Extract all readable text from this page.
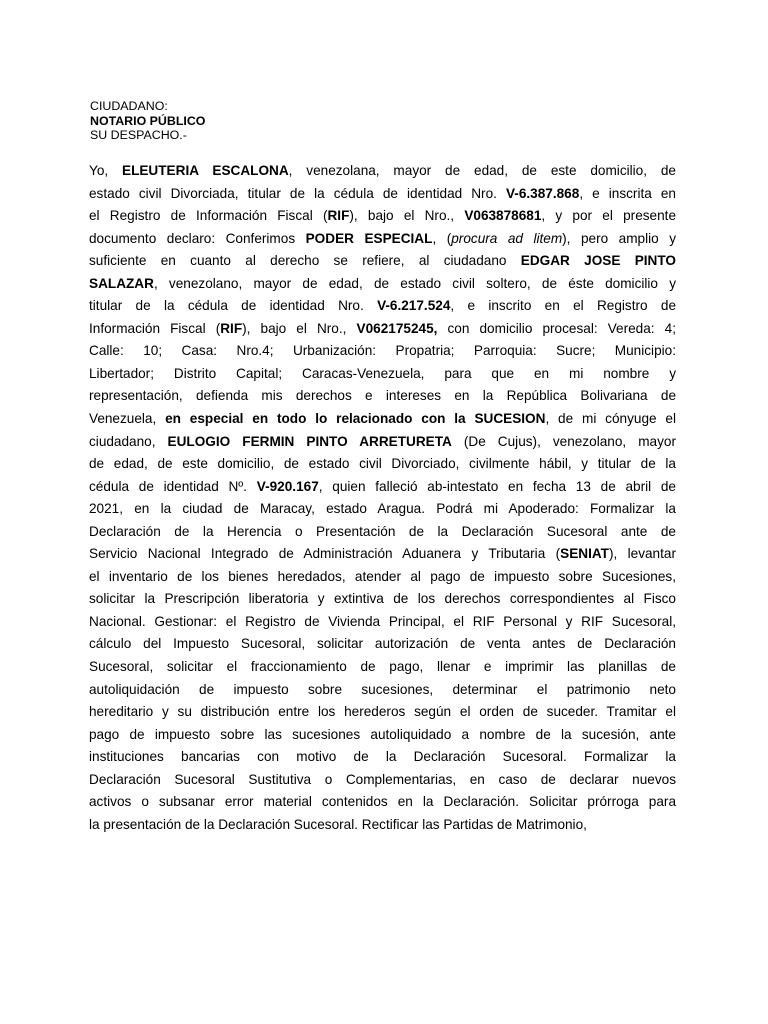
CIUDADANO:
NOTARIO PÚBLICO
SU DESPACHO.-
Yo, ELEUTERIA ESCALONA, venezolana, mayor de edad, de este domicilio, de
estado civil Divorciada, titular de la cédula de identidad Nro. V-6.387.868, e inscrita en
el Registro de Información Fiscal (RIF), bajo el Nro., V063878681, y por el presente
documento declaro: Conferimos PODER ESPECIAL, (procura ad litem), pero amplio y
suficiente en cuanto al derecho se refiere, al ciudadano EDGAR JOSE PINTO
SALAZAR, venezolano, mayor de edad, de estado civil soltero, de éste domicilio y
titular de la cédula de identidad Nro. V-6.217.524, e inscrito en el Registro de
Información Fiscal (RIF), bajo el Nro., V062175245, con domicilio procesal: Vereda: 4;
Calle: 10; Casa: Nro.4; Urbanización: Propatria; Parroquia: Sucre; Municipio:
Libertador; Distrito Capital; Caracas-Venezuela, para que en mi nombre y
representación, defienda mis derechos e intereses en la República Bolivariana de
Venezuela, en especial en todo lo relacionado con la SUCESION, de mi cónyuge el
ciudadano, EULOGIO FERMIN PINTO ARRETURETA (De Cujus), venezolano, mayor
de edad, de este domicilio, de estado civil Divorciado, civilmente hábil, y titular de la
cédula de identidad Nº. V-920.167, quien falleció ab-intestato en fecha 13 de abril de
2021, en la ciudad de Maracay, estado Aragua. Podrá mi Apoderado: Formalizar la
Declaración de la Herencia o Presentación de la Declaración Sucesoral ante de
Servicio Nacional Integrado de Administración Aduanera y Tributaria (SENIAT), levantar
el inventario de los bienes heredados, atender al pago de impuesto sobre Sucesiones,
solicitar la Prescripción liberatoria y extintiva de los derechos correspondientes al Fisco
Nacional. Gestionar: el Registro de Vivienda Principal, el RIF Personal y RIF Sucesoral,
cálculo del Impuesto Sucesoral, solicitar autorización de venta antes de Declaración
Sucesoral, solicitar el fraccionamiento de pago, llenar e imprimir las planillas de
autoliquidación de impuesto sobre sucesiones, determinar el patrimonio neto
hereditario y su distribución entre los herederos según el orden de suceder. Tramitar el
pago de impuesto sobre las sucesiones autoliquidado a nombre de la sucesión, ante
instituciones bancarias con motivo de la Declaración Sucesoral. Formalizar la
Declaración Sucesoral Sustitutiva o Complementarias, en caso de declarar nuevos
activos o subsanar error material contenidos en la Declaración. Solicitar prórroga para
la presentación de la Declaración Sucesoral. Rectificar las Partidas de Matrimonio,
